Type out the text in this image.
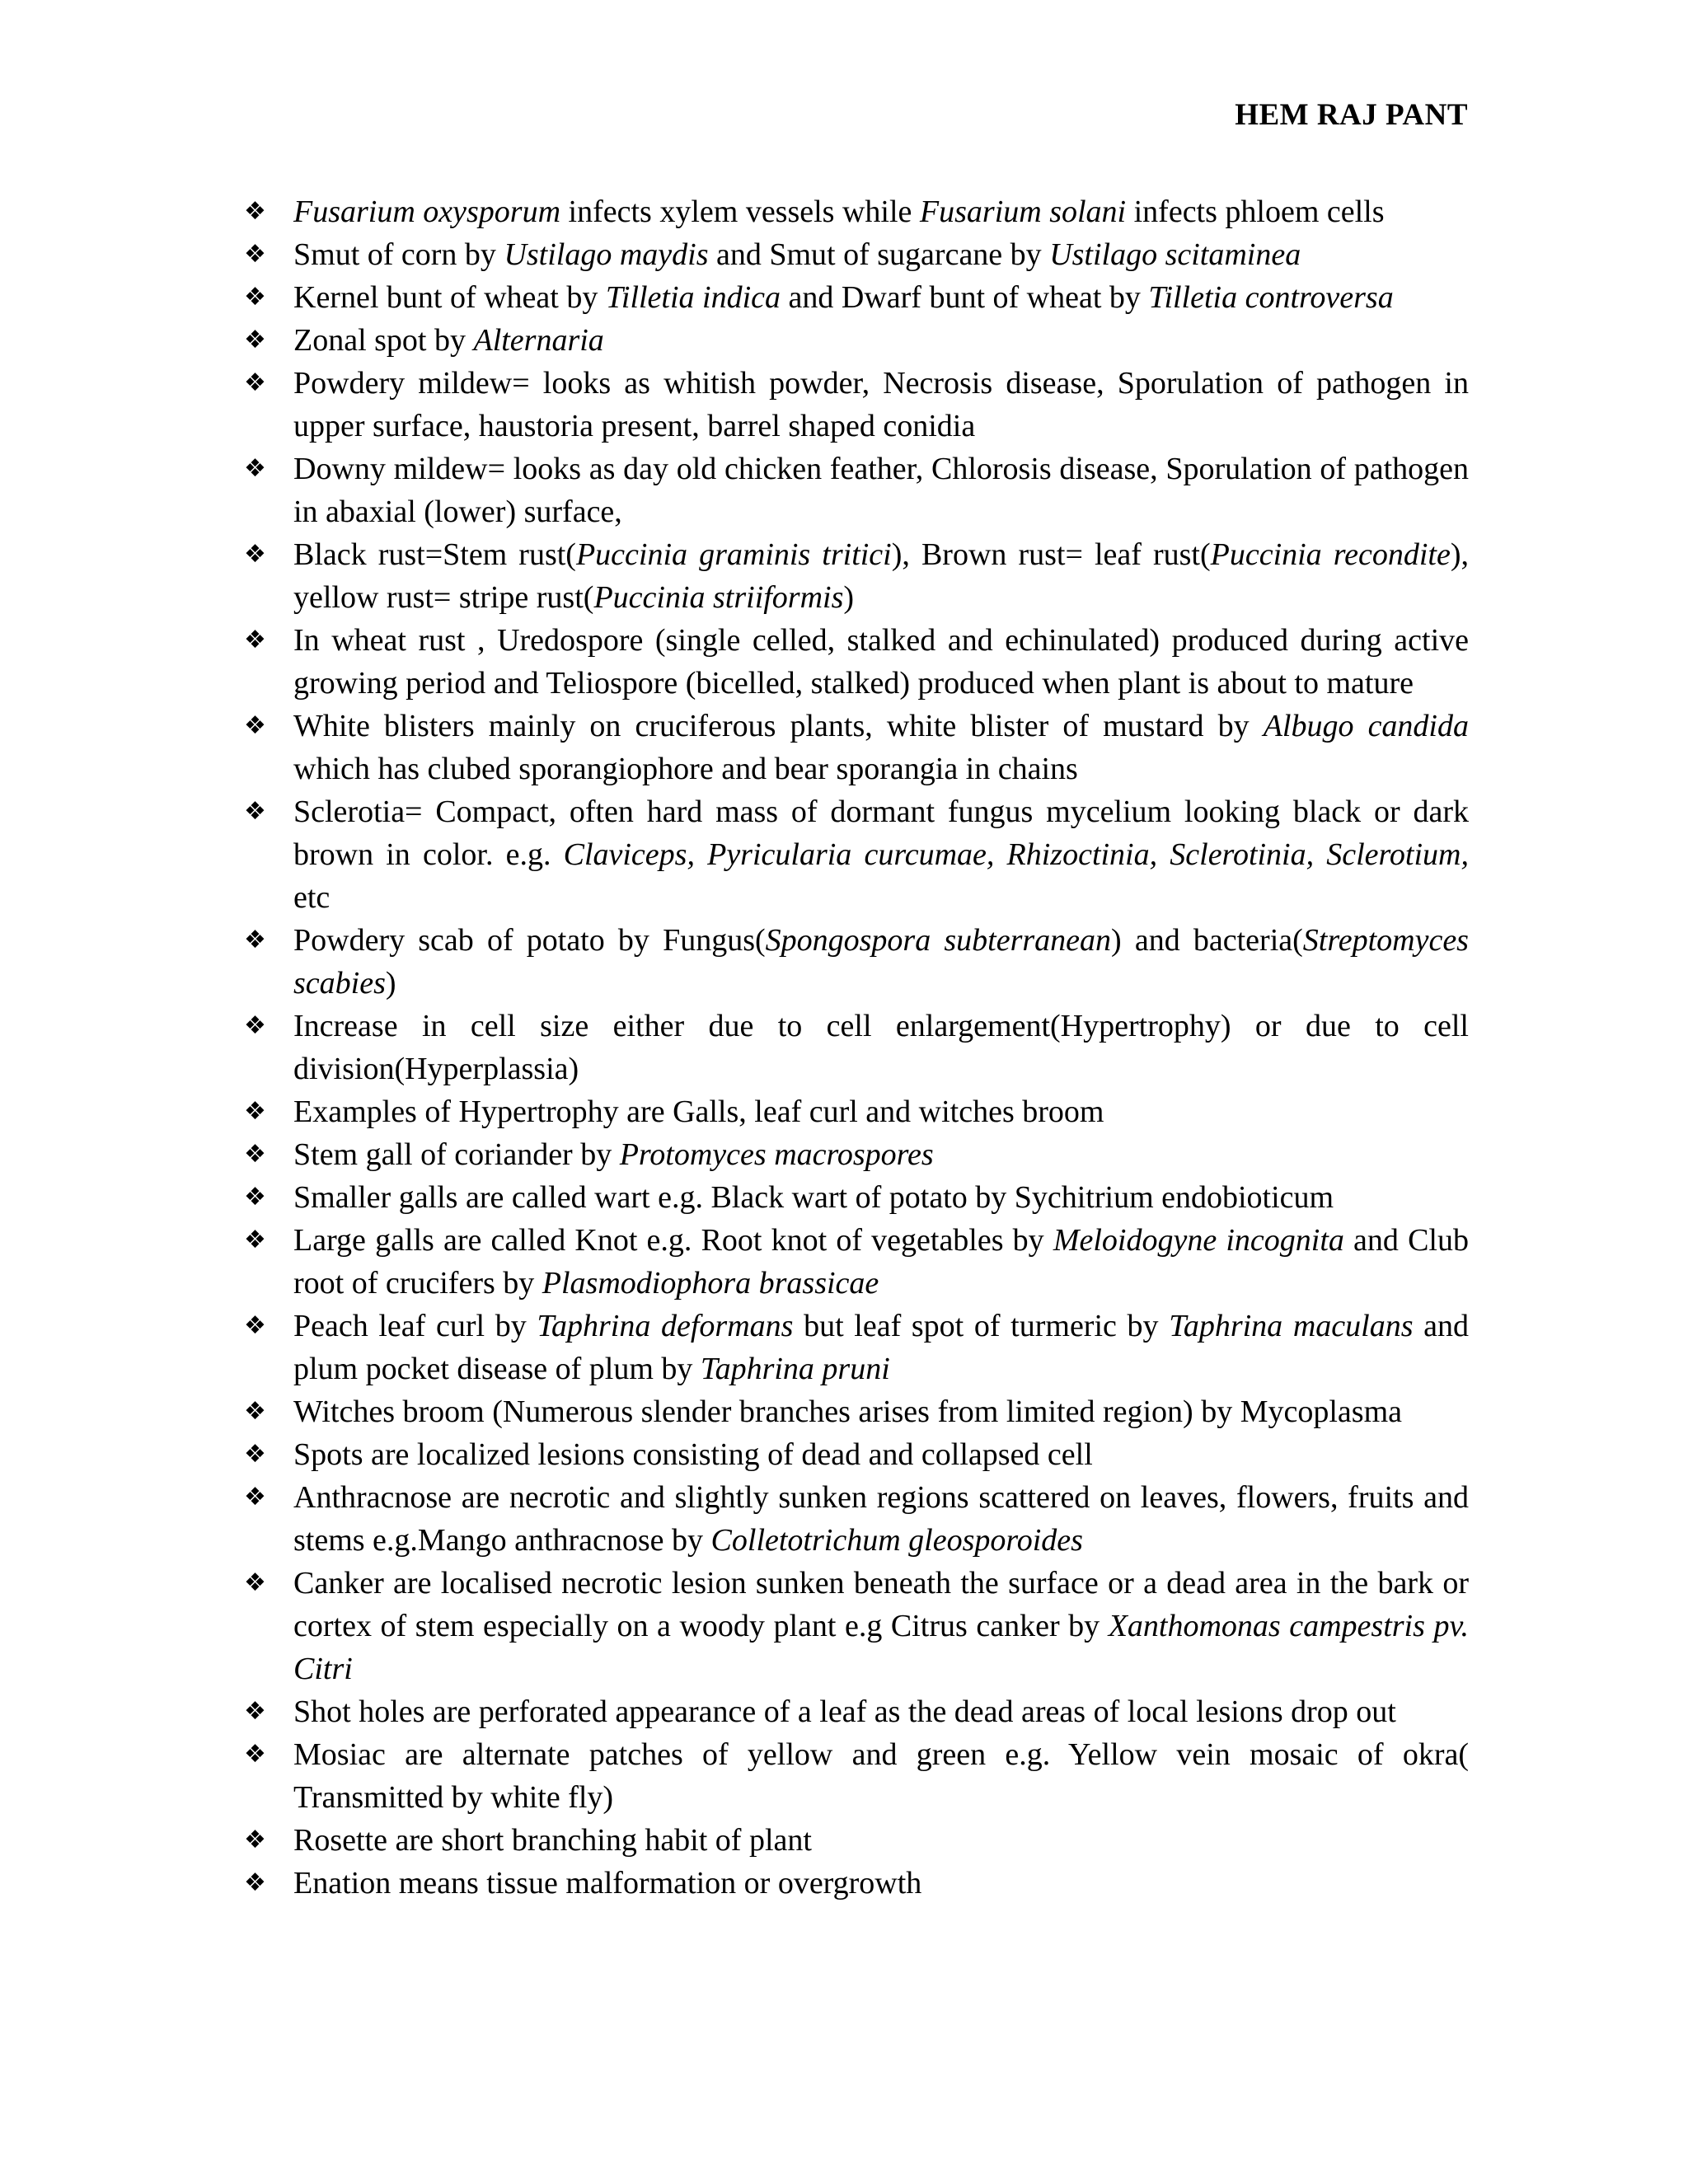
HEM RAJ PANT
❖ Fusarium oxysporum infects xylem vessels while Fusarium solani infects phloem cells
❖ Smut of corn by Ustilago maydis and Smut of sugarcane by Ustilago scitaminea
❖ Kernel bunt of wheat by Tilletia indica and Dwarf bunt of wheat by Tilletia controversa
❖ Zonal spot by Alternaria
❖ Powdery mildew= looks as whitish powder, Necrosis disease, Sporulation of pathogen in upper surface, haustoria present, barrel shaped conidia
❖ Downy mildew= looks as day old chicken feather, Chlorosis disease, Sporulation of pathogen in abaxial (lower) surface,
❖ Black rust=Stem rust(Puccinia graminis tritici), Brown rust= leaf rust(Puccinia recondite), yellow rust= stripe rust(Puccinia striiformis)
❖ In wheat rust , Uredospore (single celled, stalked and echinulated) produced during active growing period and Teliospore (bicelled, stalked) produced when plant is about to mature
❖ White blisters mainly on cruciferous plants, white blister of mustard by Albugo candida which has clubed sporangiophore and bear sporangia in chains
❖ Sclerotia= Compact, often hard mass of dormant fungus mycelium looking black or dark brown in color. e.g. Claviceps, Pyricularia curcumae, Rhizoctinia, Sclerotinia, Sclerotium, etc
❖ Powdery scab of potato by Fungus(Spongospora subterranean) and bacteria(Streptomyces scabies)
❖ Increase in cell size either due to cell enlargement(Hypertrophy) or due to cell division(Hyperplassia)
❖ Examples of Hypertrophy are Galls, leaf curl and witches broom
❖ Stem gall of coriander by Protomyces macrospores
❖ Smaller galls are called wart e.g. Black wart of potato by Sychitrium endobioticum
❖ Large galls are called Knot e.g. Root knot of vegetables by Meloidogyne incognita and Club root of crucifers by Plasmodiophora brassicae
❖ Peach leaf curl by Taphrina deformans but leaf spot of turmeric by Taphrina maculans and plum pocket disease of plum by Taphrina pruni
❖ Witches broom (Numerous slender branches arises from limited region) by Mycoplasma
❖ Spots are localized lesions consisting of dead and collapsed cell
❖ Anthracnose are necrotic and slightly sunken regions scattered on leaves, flowers, fruits and stems e.g.Mango anthracnose by Colletotrichum gleosporoides
❖ Canker are localised necrotic lesion sunken beneath the surface or a dead area in the bark or cortex of stem especially on a woody plant e.g Citrus canker by Xanthomonas campestris pv. Citri
❖ Shot holes are perforated appearance of a leaf as the dead areas of local lesions drop out
❖ Mosiac are alternate patches of yellow and green e.g. Yellow vein mosaic of okra( Transmitted by white fly)
❖ Rosette are short branching habit of plant
❖ Enation means tissue malformation or overgrowth
